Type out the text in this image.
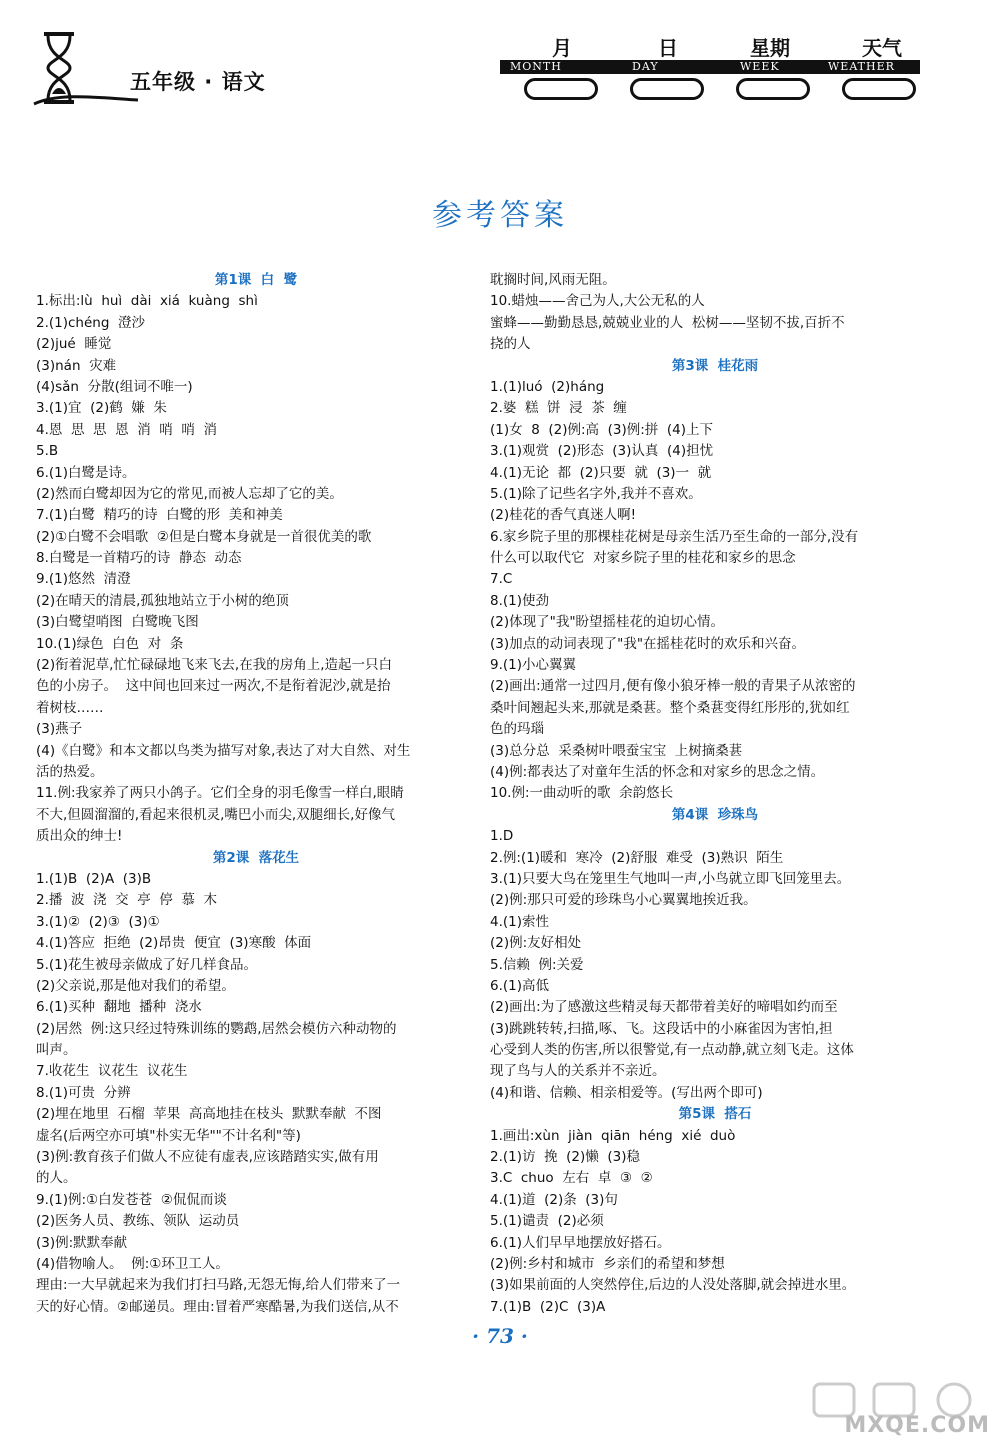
五年级 · 语文
月	日	星期	天气
MONTH	DAY	WEEK	WEATHER
参考答案
第1课  白  鹭
1.标出:lù  huì  dài  xiá  kuàng  shì
2.(1)chéng  澄沙
(2)jué  睡觉
(3)nán  灾难
(4)sǎn  分散(组词不唯一)
3.(1)宜  (2)鹤  嫌  朱
4.恩  思  思  恩  消  哨  哨  消
5.B
6.(1)白鹭是诗。
(2)然而白鹭却因为它的常见,而被人忘却了它的美。
7.(1)白鹭  精巧的诗  白鹭的形  美和神美
(2)①白鹭不会唱歌  ②但是白鹭本身就是一首很优美的歌
8.白鹭是一首精巧的诗  静态  动态
9.(1)悠然  清澄
(2)在晴天的清晨,孤独地站立于小树的绝顶
(3)白鹭望哨图  白鹭晚飞图
10.(1)绿色  白色  对  条
(2)衔着泥草,忙忙碌碌地飞来飞去,在我的房角上,造起一只白
色的小房子。  这中间也回来过一两次,不是衔着泥沙,就是抬
着树枝……
(3)燕子
(4)《白鹭》和本文都以鸟类为描写对象,表达了对大自然、对生
活的热爱。
11.例:我家养了两只小鸽子。它们全身的羽毛像雪一样白,眼睛
不大,但圆溜溜的,看起来很机灵,嘴巴小而尖,双腿细长,好像气
质出众的绅士!
第2课  落花生
1.(1)B  (2)A  (3)B
2.播  波  浇  交  亭  停  慕  木
3.(1)②  (2)③  (3)①
4.(1)答应  拒绝  (2)昂贵  便宜  (3)寒酸  体面
5.(1)花生被母亲做成了好几样食品。
(2)父亲说,那是他对我们的希望。
6.(1)买种  翻地  播种  浇水
(2)居然  例:这只经过特殊训练的鹦鹉,居然会模仿六种动物的
叫声。
7.收花生  议花生  议花生
8.(1)可贵  分辨
(2)埋在地里  石榴  苹果  高高地挂在枝头  默默奉献  不图
虚名(后两空亦可填"朴实无华""不计名利"等)
(3)例:教育孩子们做人不应徒有虚表,应该踏踏实实,做有用
的人。
9.(1)例:①白发苍苍  ②侃侃而谈
(2)医务人员、教练、领队  运动员
(3)例:默默奉献
(4)借物喻人。  例:①环卫工人。
理由:一大早就起来为我们打扫马路,无怨无悔,给人们带来了一
天的好心情。②邮递员。理由:冒着严寒酷暑,为我们送信,从不
耽搁时间,风雨无阻。
10.蜡烛——舍己为人,大公无私的人
蜜蜂——勤勤恳恳,兢兢业业的人  松树——坚韧不拔,百折不
挠的人
第3课  桂花雨
1.(1)luó  (2)háng
2.婆  糕  饼  浸  茶  缠
(1)女  8  (2)例:高  (3)例:拼  (4)上下
3.(1)观赏  (2)形态  (3)认真  (4)担忧
4.(1)无论  都  (2)只要  就  (3)一  就
5.(1)除了记些名字外,我并不喜欢。
(2)桂花的香气真迷人啊!
6.家乡院子里的那棵桂花树是母亲生活乃至生命的一部分,没有
什么可以取代它  对家乡院子里的桂花和家乡的思念
7.C
8.(1)使劲
(2)体现了"我"盼望摇桂花的迫切心情。
(3)加点的动词表现了"我"在摇桂花时的欢乐和兴奋。
9.(1)小心翼翼
(2)画出:通常一过四月,便有像小狼牙棒一般的青果子从浓密的
桑叶间翘起头来,那就是桑葚。整个桑葚变得红彤彤的,犹如红
色的玛瑙
(3)总分总  采桑树叶喂蚕宝宝  上树摘桑葚
(4)例:都表达了对童年生活的怀念和对家乡的思念之情。
10.例:一曲动听的歌  余韵悠长
第4课  珍珠鸟
1.D
2.例:(1)暖和  寒冷  (2)舒服  难受  (3)熟识  陌生
3.(1)只要大鸟在笼里生气地叫一声,小鸟就立即飞回笼里去。
(2)例:那只可爱的珍珠鸟小心翼翼地挨近我。
4.(1)索性
(2)例:友好相处
5.信赖  例:关爱
6.(1)高低
(2)画出:为了感激这些精灵每天都带着美好的啼唱如约而至
(3)跳跳转转,扫描,啄、飞。这段话中的小麻雀因为害怕,担
心受到人类的伤害,所以很警觉,有一点动静,就立刻飞走。这体
现了鸟与人的关系并不亲近。
(4)和谐、信赖、相亲相爱等。(写出两个即可)
第5课  搭石
1.画出:xùn  jiàn  qiān  héng  xié  duò
2.(1)访  挽  (2)懒  (3)稳
3.C  chuo  左右  卓  ③  ②
4.(1)道  (2)条  (3)句
5.(1)谴责  (2)必须
6.(1)人们早早地摆放好搭石。
(2)例:乡村和城市  乡亲们的希望和梦想
(3)如果前面的人突然停住,后边的人没处落脚,就会掉进水里。
7.(1)B  (2)C  (3)A
· 73 ·
MXQE.COM
